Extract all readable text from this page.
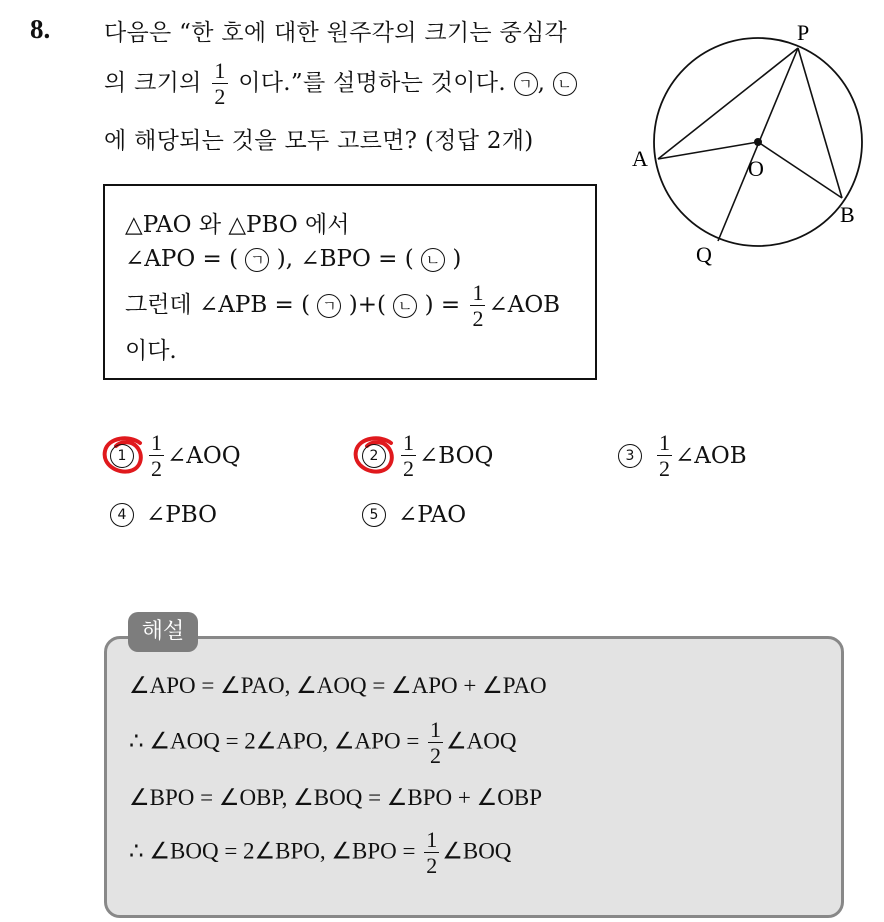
8. 다음은 “한 호에 대한 원주각의 크기는 중심각
의 크기의 $\frac{1}{2}$ 이다.”를 설명하는 것이다. ㄱ , ㄴ
에 해당되는 것을 모두 고르면? (정답 2개)
P
A	O
B
Q
△PAO 와 △PBO 에서
∠APO = ( ㄱ ), ∠BPO = ( ㄴ )
그런데 ∠APB = ( ㄱ )+( ㄴ ) = $\frac{1}{2}$ ∠AOB
이다.
1	$\frac{1}{2}$ ∠AOQ	2	$\frac{1}{2}$ ∠BOQ	3	$\frac{1}{2}$ ∠AOB
4 ∠PBO	5 ∠PAO
∠APO = ∠PAO, ∠AOQ = ∠APO + ∠PAO
∴ ∠AOQ = 2∠APO, ∠APO = $\frac{1}{2}$ ∠AOQ
∠BPO = ∠OBP, ∠BOQ = ∠BPO + ∠OBP
∴ ∠BOQ = 2∠BPO, ∠BPO = $\frac{1}{2}$ ∠BOQ
해설
